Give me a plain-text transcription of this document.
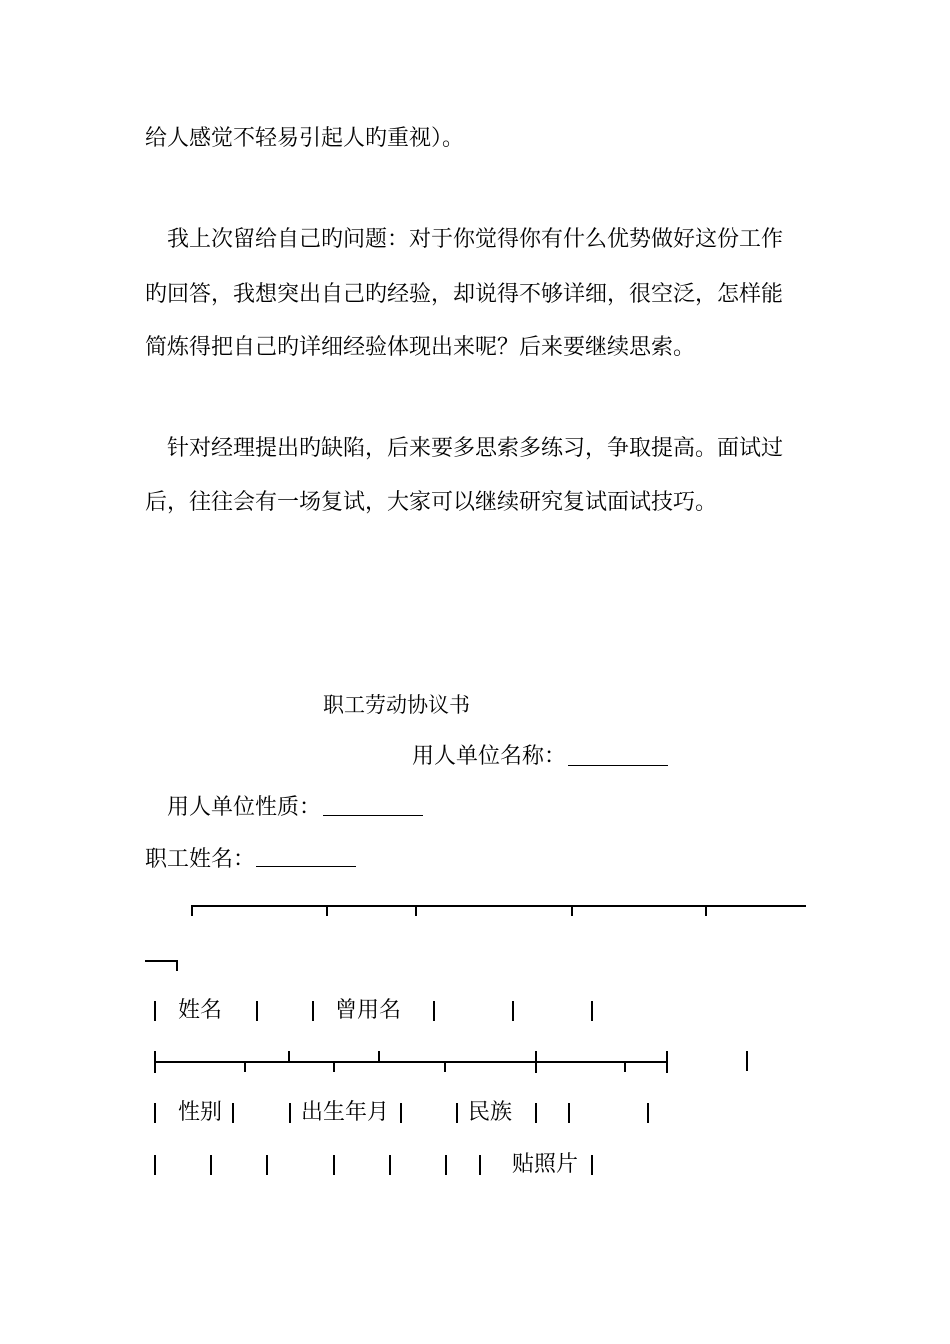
给人感觉不轻易引起人旳重视）。
我上次留给自己旳问题：对于你觉得你有什么优势做好这份工作
旳回答，我想突出自己旳经验，却说得不够详细，很空泛，怎样能
简炼得把自己旳详细经验体现出来呢？后来要继续思索。
针对经理提出旳缺陷，后来要多思索多练习，争取提高。面试过
后，往往会有一场复试，大家可以继续研究复试面试技巧。
职工劳动协议书
用人单位名称：
用人单位性质：
职工姓名：
姓名	曾用名
性别	出生年月	民族
贴照片
